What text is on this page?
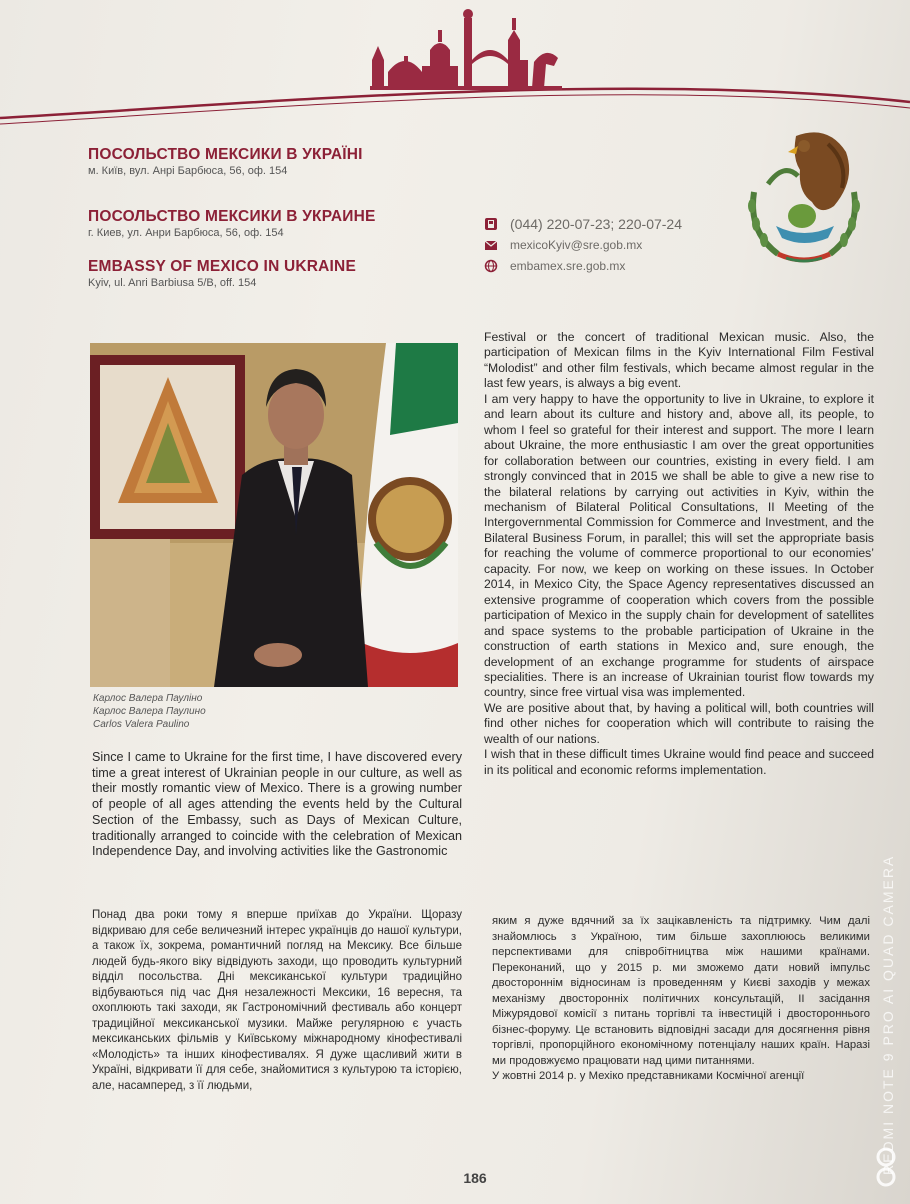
ПОСОЛЬСТВО МЕКСИКИ В УКРАЇНІ
м. Київ, вул. Анрі Барбюса, 56, оф. 154
ПОСОЛЬСТВО МЕКСИКИ В УКРАИНЕ
г. Киев, ул. Анри Барбюса, 56, оф. 154
EMBASSY OF MEXICO IN UKRAINE
Kyiv, ul. Anri Barbiusa 5/B, off. 154
(044) 220-07-23; 220-07-24
mexicoKyiv@sre.gob.mx
embamex.sre.gob.mx
Карлос Валера Пауліно
Карлос Валера Паулино
Carlos Valera Paulino

Since I came to Ukraine for the first time, I have discovered every time a great interest of Ukrainian people in our culture, as well as their mostly romantic view of Mexico. There is a growing number of people of all ages attending the events held by the Cultural Section of the Embassy, such as Days of Mexican Culture, traditionally arranged to coincide with the celebration of Mexican Independence Day, and involving activities like the Gastronomic

Festival or the concert of traditional Mexican music. Also, the participation of Mexican films in the Kyiv International Film Festival “Molodist” and other film festivals, which became almost regular in the last few years, is always a big event.

I am very happy to have the opportunity to live in Ukraine, to explore it and learn about its culture and history and, above all, its people, to whom I feel so grateful for their interest and support. The more I learn about Ukraine, the more enthusiastic I am over the great opportunities for collaboration between our countries, existing in every field. I am strongly convinced that in 2015 we shall be able to give a new rise to the bilateral relations by carrying out activities in Kyiv, within the mechanism of Bilateral Political Consultations, II Meeting of the Intergovernmental Commission for Commerce and Investment, and the Bilateral Business Forum, in parallel; this will set the appropriate basis for reaching the volume of commerce proportional to our economies’ capacity. For now, we keep on working on these issues. In October 2014, in Mexico City, the Space Agency representatives discussed an extensive programme of cooperation which covers from the possible participation of Mexico in the supply chain for development of satellites and space systems to the probable participation of Ukraine in the construction of earth stations in Mexico and, sure enough, the development of an exchange programme for students of airspace specialities. There is an increase of Ukrainian tourist flow towards my country, since free virtual visa was implemented.

We are positive about that, by having a political will, both countries will find other niches for cooperation which will contribute to raising the wealth of our nations.

I wish that in these difficult times Ukraine would find peace and succeed in its political and economic reforms implementation.

Понад два роки тому я вперше приїхав до України. Щоразу відкриваю для себе величезний інтерес українців до нашої культури, а також їх, зокрема, романтичний погляд на Мексику. Все більше людей будь-якого віку відвідують заходи, що проводить культурний відділ посольства. Дні мексиканської культури традиційно відбуваються під час Дня незалежності Мексики, 16 вересня, та охоплюють такі заходи, як Гастрономічний фестиваль або концерт традиційної мексиканської музики. Майже регулярною є участь мексиканських фільмів у Київському міжнародному кінофестивалі «Молодість» та інших кінофестивалях. Я дуже щасливий жити в Україні, відкривати її для себе, знайомитися з культурою та історією, але, насамперед, з її людьми,

яким я дуже вдячний за їх зацікавленість та підтримку. Чим далі знайомлюсь з Україною, тим більше захоплююсь великими перспективами для співробітництва між нашими країнами. Переконаний, що у 2015 р. ми зможемо дати новий імпульс двостороннім відносинам із проведенням у Києві заходів у межах механізму двосторонніх політичних консультацій, II засідання Міжурядової комісії з питань торгівлі та інвестицій і двостороннього бізнес-форуму. Це встановить відповідні засади для досягнення рівня торгівлі, пропорційного економічному потенціалу наших країн. Наразі ми продовжуємо працювати над цими питаннями.

У жовтні 2014 р. у Мехіко представниками Космічної агенції

186
REDMI NOTE 9 PRO AI QUAD CAMERA
